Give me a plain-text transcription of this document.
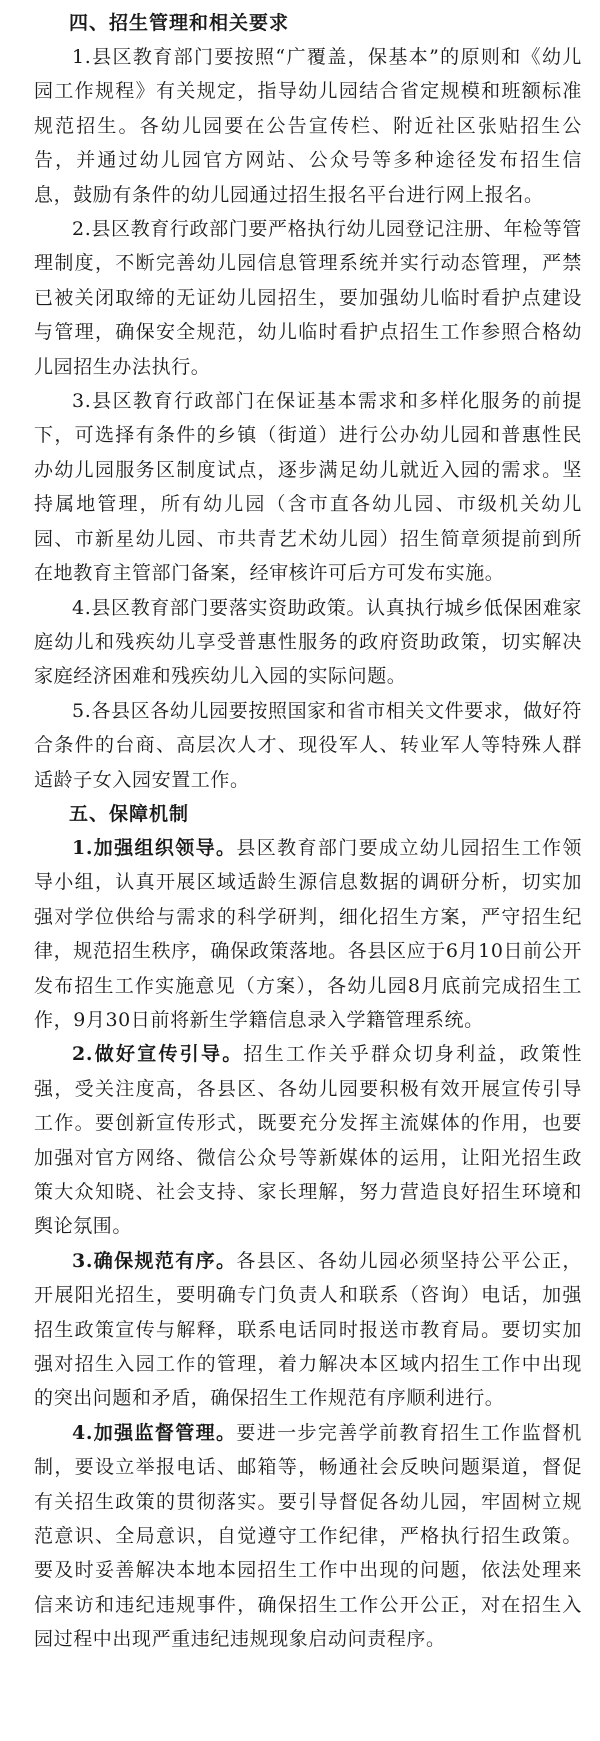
四、招生管理和相关要求

1.县区教育部门要按照“广覆盖，保基本”的原则和《幼儿园工作规程》有关规定，指导幼儿园结合省定规模和班额标准规范招生。各幼儿园要在公告宣传栏、附近社区张贴招生公告，并通过幼儿园官方网站、公众号等多种途径发布招生信息，鼓励有条件的幼儿园通过招生报名平台进行网上报名。

2.县区教育行政部门要严格执行幼儿园登记注册、年检等管理制度，不断完善幼儿园信息管理系统并实行动态管理，严禁已被关闭取缔的无证幼儿园招生，要加强幼儿临时看护点建设与管理，确保安全规范，幼儿临时看护点招生工作参照合格幼儿园招生办法执行。

3.县区教育行政部门在保证基本需求和多样化服务的前提下，可选择有条件的乡镇（街道）进行公办幼儿园和普惠性民办幼儿园服务区制度试点，逐步满足幼儿就近入园的需求。坚持属地管理，所有幼儿园（含市直各幼儿园、市级机关幼儿园、市新星幼儿园、市共青艺术幼儿园）招生简章须提前到所在地教育主管部门备案，经审核许可后方可发布实施。

4.县区教育部门要落实资助政策。认真执行城乡低保困难家庭幼儿和残疾幼儿享受普惠性服务的政府资助政策，切实解决家庭经济困难和残疾幼儿入园的实际问题。

5.各县区各幼儿园要按照国家和省市相关文件要求，做好符合条件的台商、高层次人才、现役军人、转业军人等特殊人群适龄子女入园安置工作。

五、保障机制

1.加强组织领导。县区教育部门要成立幼儿园招生工作领导小组，认真开展区域适龄生源信息数据的调研分析，切实加强对学位供给与需求的科学研判，细化招生方案，严守招生纪律，规范招生秩序，确保政策落地。各县区应于6月10日前公开发布招生工作实施意见（方案），各幼儿园8月底前完成招生工作，9月30日前将新生学籍信息录入学籍管理系统。

2.做好宣传引导。招生工作关乎群众切身利益，政策性强，受关注度高，各县区、各幼儿园要积极有效开展宣传引导工作。要创新宣传形式，既要充分发挥主流媒体的作用，也要加强对官方网络、微信公众号等新媒体的运用，让阳光招生政策大众知晓、社会支持、家长理解，努力营造良好招生环境和舆论氛围。

3.确保规范有序。各县区、各幼儿园必须坚持公平公正，开展阳光招生，要明确专门负责人和联系（咨询）电话，加强招生政策宣传与解释，联系电话同时报送市教育局。要切实加强对招生入园工作的管理，着力解决本区域内招生工作中出现的突出问题和矛盾，确保招生工作规范有序顺利进行。

4.加强监督管理。要进一步完善学前教育招生工作监督机制，要设立举报电话、邮箱等，畅通社会反映问题渠道，督促有关招生政策的贯彻落实。要引导督促各幼儿园，牢固树立规范意识、全局意识，自觉遵守工作纪律，严格执行招生政策。要及时妥善解决本地本园招生工作中出现的问题，依法处理来信来访和违纪违规事件，确保招生工作公开公正，对在招生入园过程中出现严重违纪违规现象启动问责程序。
